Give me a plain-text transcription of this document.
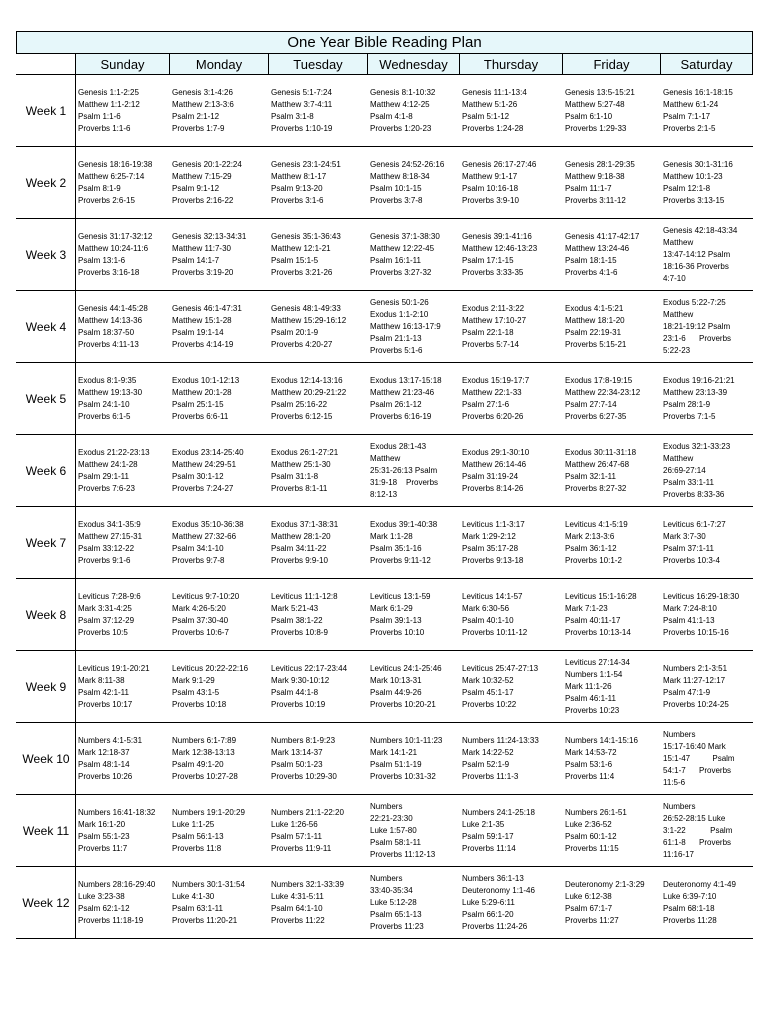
One Year Bible Reading Plan							
	Sunday	Monday	Tuesday	Wednesday	Thursday	Friday	Saturday
Week 1	Genesis 1:1-2:25
Matthew 1:1-2:12
Psalm 1:1-6
Proverbs 1:1-6	Genesis 3:1-4:26
Matthew 2:13-3:6
Psalm 2:1-12
Proverbs 1:7-9	Genesis 5:1-7:24
Matthew 3:7-4:11
Psalm 3:1-8
Proverbs 1:10-19	Genesis 8:1-10:32
Matthew 4:12-25
Psalm 4:1-8
Proverbs 1:20-23	Genesis 11:1-13:4
Matthew 5:1-26
Psalm 5:1-12
Proverbs 1:24-28	Genesis 13:5-15:21
Matthew 5:27-48
Psalm 6:1-10
Proverbs 1:29-33	Genesis 16:1-18:15
Matthew 6:1-24
Psalm 7:1-17
Proverbs 2:1-5
Week 2	Genesis 18:16-19:38
Matthew 6:25-7:14
Psalm 8:1-9
Proverbs 2:6-15	Genesis 20:1-22:24
Matthew 7:15-29
Psalm 9:1-12
Proverbs 2:16-22	Genesis 23:1-24:51
Matthew 8:1-17
Psalm 9:13-20
Proverbs 3:1-6	Genesis 24:52-26:16
Matthew 8:18-34
Psalm 10:1-15
Proverbs 3:7-8	Genesis 26:17-27:46
Matthew 9:1-17
Psalm 10:16-18
Proverbs 3:9-10	Genesis 28:1-29:35
Matthew 9:18-38
Psalm 11:1-7
Proverbs 3:11-12	Genesis 30:1-31:16
Matthew 10:1-23
Psalm 12:1-8
Proverbs 3:13-15
Week 3	Genesis 31:17-32:12
Matthew 10:24-11:6
Psalm 13:1-6
Proverbs 3:16-18	Genesis 32:13-34:31
Matthew 11:7-30
Psalm 14:1-7
Proverbs 3:19-20	Genesis 35:1-36:43
Matthew 12:1-21
Psalm 15:1-5
Proverbs 3:21-26	Genesis 37:1-38:30
Matthew 12:22-45
Psalm 16:1-11
Proverbs 3:27-32	Genesis 39:1-41:16
Matthew 12:46-13:23
Psalm 17:1-15
Proverbs 3:33-35	Genesis 41:17-42:17
Matthew 13:24-46
Psalm 18:1-15
Proverbs 4:1-6	Genesis 42:18-43:34
Matthew
13:47-14:12 Psalm
18:16-36 Proverbs
4:7-10
Week 4	Genesis 44:1-45:28
Matthew 14:13-36
Psalm 18:37-50
Proverbs 4:11-13	Genesis 46:1-47:31
Matthew 15:1-28
Psalm 19:1-14
Proverbs 4:14-19	Genesis 48:1-49:33
Matthew 15:29-16:12
Psalm 20:1-9
Proverbs 4:20-27	Genesis 50:1-26
Exodus 1:1-2:10
Matthew 16:13-17:9
Psalm 21:1-13
Proverbs 5:1-6	Exodus 2:11-3:22
Matthew 17:10-27
Psalm 22:1-18
Proverbs 5:7-14	Exodus 4:1-5:21
Matthew 18:1-20
Psalm 22:19-31
Proverbs 5:15-21	Exodus 5:22-7:25
Matthew
18:21-19:12 Psalm
23:1-6      Proverbs
5:22-23
Week 5	Exodus 8:1-9:35
Matthew 19:13-30
Psalm 24:1-10
Proverbs 6:1-5	Exodus 10:1-12:13
Matthew 20:1-28
Psalm 25:1-15
Proverbs 6:6-11	Exodus 12:14-13:16
Matthew 20:29-21:22
Psalm 25:16-22
Proverbs 6:12-15	Exodus 13:17-15:18
Matthew 21:23-46
Psalm 26:1-12
Proverbs 6:16-19	Exodus 15:19-17:7
Matthew 22:1-33
Psalm 27:1-6
Proverbs 6:20-26	Exodus 17:8-19:15
Matthew 22:34-23:12
Psalm 27:7-14
Proverbs 6:27-35	Exodus 19:16-21:21
Matthew 23:13-39
Psalm 28:1-9
Proverbs 7:1-5
Week 6	Exodus 21:22-23:13
Matthew 24:1-28
Psalm 29:1-11
Proverbs 7:6-23	Exodus 23:14-25:40
Matthew 24:29-51
Psalm 30:1-12
Proverbs 7:24-27	Exodus 26:1-27:21
Matthew 25:1-30
Psalm 31:1-8
Proverbs 8:1-11	Exodus 28:1-43
Matthew
25:31-26:13 Psalm
31:9-18    Proverbs
8:12-13	Exodus 29:1-30:10
Matthew 26:14-46
Psalm 31:19-24
Proverbs 8:14-26	Exodus 30:11-31:18
Matthew 26:47-68
Psalm 32:1-11
Proverbs 8:27-32	Exodus 32:1-33:23
Matthew
26:69-27:14
Psalm 33:1-11
Proverbs 8:33-36
Week 7	Exodus 34:1-35:9
Matthew 27:15-31
Psalm 33:12-22
Proverbs 9:1-6	Exodus 35:10-36:38
Matthew 27:32-66
Psalm 34:1-10
Proverbs 9:7-8	Exodus 37:1-38:31
Matthew 28:1-20
Psalm 34:11-22
Proverbs 9:9-10	Exodus 39:1-40:38
Mark 1:1-28
Psalm 35:1-16
Proverbs 9:11-12	Leviticus 1:1-3:17
Mark 1:29-2:12
Psalm 35:17-28
Proverbs 9:13-18	Leviticus 4:1-5:19
Mark 2:13-3:6
Psalm 36:1-12
Proverbs 10:1-2	Leviticus 6:1-7:27
Mark 3:7-30
Psalm 37:1-11
Proverbs 10:3-4
Week 8	Leviticus 7:28-9:6
Mark 3:31-4:25
Psalm 37:12-29
Proverbs 10:5	Leviticus 9:7-10:20
Mark 4:26-5:20
Psalm 37:30-40
Proverbs 10:6-7	Leviticus 11:1-12:8
Mark 5:21-43
Psalm 38:1-22
Proverbs 10:8-9	Leviticus 13:1-59
Mark 6:1-29
Psalm 39:1-13
Proverbs 10:10	Leviticus 14:1-57
Mark 6:30-56
Psalm 40:1-10
Proverbs 10:11-12	Leviticus 15:1-16:28
Mark 7:1-23
Psalm 40:11-17
Proverbs 10:13-14	Leviticus 16:29-18:30
Mark 7:24-8:10
Psalm 41:1-13
Proverbs 10:15-16
Week 9	Leviticus 19:1-20:21
Mark 8:11-38
Psalm 42:1-11
Proverbs 10:17	Leviticus 20:22-22:16
Mark 9:1-29
Psalm 43:1-5
Proverbs 10:18	Leviticus 22:17-23:44
Mark 9:30-10:12
Psalm 44:1-8
Proverbs 10:19	Leviticus 24:1-25:46
Mark 10:13-31
Psalm 44:9-26
Proverbs 10:20-21	Leviticus 25:47-27:13
Mark 10:32-52
Psalm 45:1-17
Proverbs 10:22	Leviticus 27:14-34
Numbers 1:1-54
Mark 11:1-26
Psalm 46:1-11
Proverbs 10:23	Numbers 2:1-3:51
Mark 11:27-12:17
Psalm 47:1-9
Proverbs 10:24-25
Week 10	Numbers 4:1-5:31
Mark 12:18-37
Psalm 48:1-14
Proverbs 10:26	Numbers 6:1-7:89
Mark 12:38-13:13
Psalm 49:1-20
Proverbs 10:27-28	Numbers 8:1-9:23
Mark 13:14-37
Psalm 50:1-23
Proverbs 10:29-30	Numbers 10:1-11:23
Mark 14:1-21
Psalm 51:1-19
Proverbs 10:31-32	Numbers 11:24-13:33
Mark 14:22-52
Psalm 52:1-9
Proverbs 11:1-3	Numbers 14:1-15:16
Mark 14:53-72
Psalm 53:1-6
Proverbs 11:4	Numbers
15:17-16:40 Mark
15:1-47          Psalm
54:1-7      Proverbs
11:5-6
Week 11	Numbers 16:41-18:32
Mark 16:1-20
Psalm 55:1-23
Proverbs 11:7	Numbers 19:1-20:29
Luke 1:1-25
Psalm 56:1-13
Proverbs 11:8	Numbers 21:1-22:20
Luke 1:26-56
Psalm 57:1-11
Proverbs 11:9-11	Numbers
22:21-23:30
Luke 1:57-80
Psalm 58:1-11
Proverbs 11:12-13	Numbers 24:1-25:18
Luke 2:1-35
Psalm 59:1-17
Proverbs 11:14	Numbers 26:1-51
Luke 2:36-52
Psalm 60:1-12
Proverbs 11:15	Numbers
26:52-28:15 Luke
3:1-22           Psalm
61:1-8      Proverbs
11:16-17
Week 12	Numbers 28:16-29:40
Luke 3:23-38
Psalm 62:1-12
Proverbs 11:18-19	Numbers 30:1-31:54
Luke 4:1-30
Psalm 63:1-11
Proverbs 11:20-21	Numbers 32:1-33:39
Luke 4:31-5:11
Psalm 64:1-10
Proverbs 11:22	Numbers
33:40-35:34
Luke 5:12-28
Psalm 65:1-13
Proverbs 11:23	Numbers 36:1-13
Deuteronomy 1:1-46
Luke 5:29-6:11
Psalm 66:1-20
Proverbs 11:24-26	Deuteronomy 2:1-3:29
Luke 6:12-38
Psalm 67:1-7
Proverbs 11:27	Deuteronomy 4:1-49
Luke 6:39-7:10
Psalm 68:1-18
Proverbs 11:28
